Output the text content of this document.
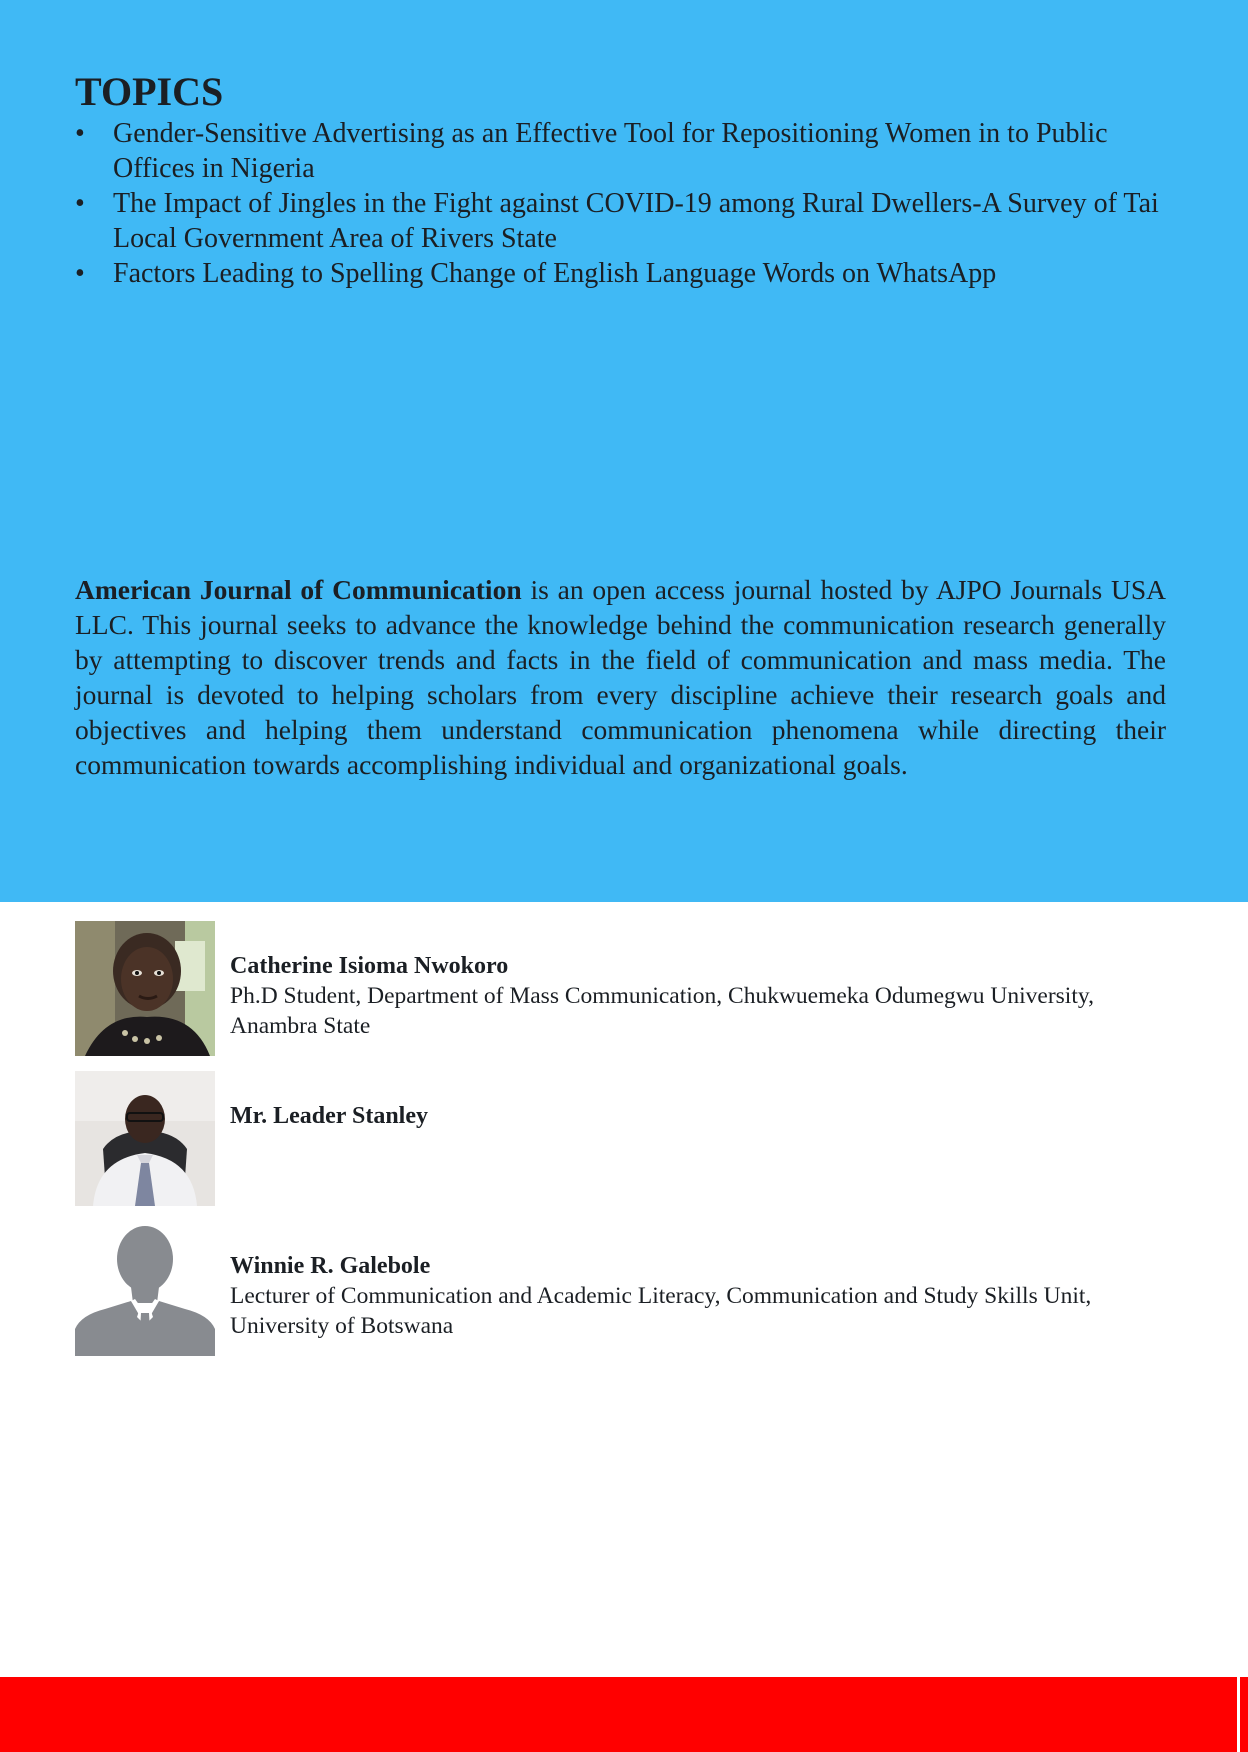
TOPICS
• Gender-Sensitive Advertising as an Effective Tool for Repositioning Women in to Public Offices in Nigeria
• The Impact of Jingles in the Fight against COVID-19 among Rural Dwellers-A Survey of Tai Local Government Area of Rivers State
• Factors Leading to Spelling Change of English Language Words on WhatsApp

American Journal of Communication is an open access journal hosted by AJPO Journals USA LLC. This journal seeks to advance the knowledge behind the communication research generally by attempting to discover trends and facts in the field of communication and mass media. The journal is devoted to helping scholars from every discipline achieve their research goals and objectives and helping them understand communication phenomena while directing their communication towards accomplishing individual and organizational goals.

Catherine Isioma Nwokoro
Ph.D Student, Department of Mass Communication, Chukwuemeka Odumegwu University, Anambra State
Mr. Leader Stanley
Winnie R. Galebole
Lecturer of Communication and Academic Literacy, Communication and Study Skills Unit, University of Botswana
